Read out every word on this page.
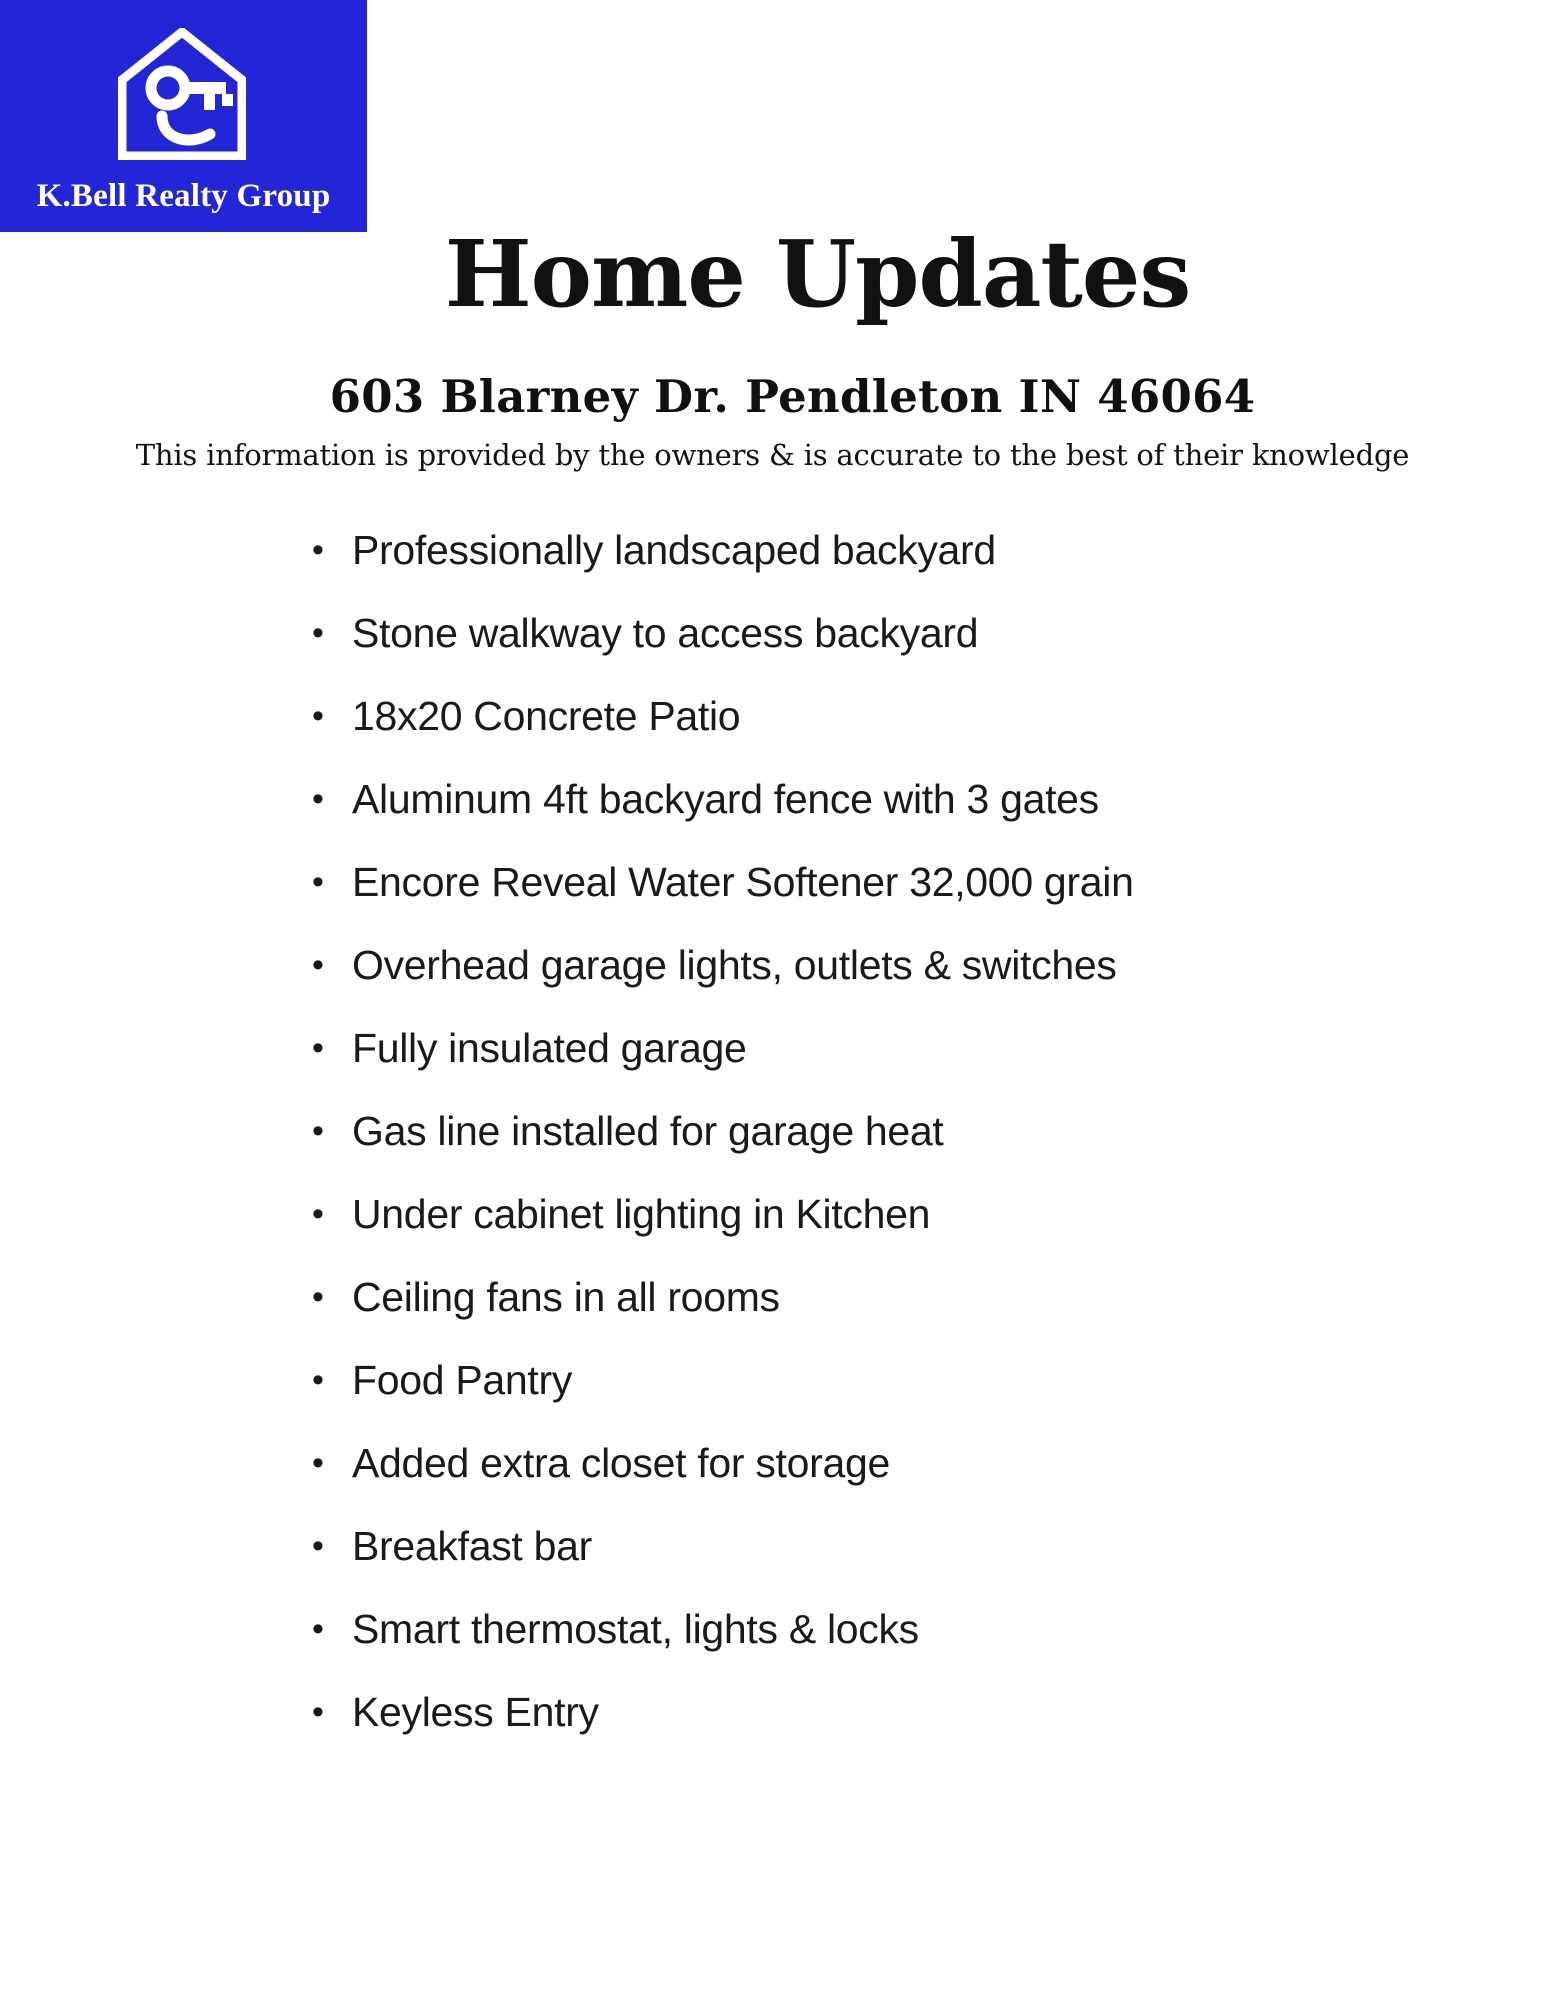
K.Bell Realty Group
Home Updates
603 Blarney Dr. Pendleton IN 46064
This information is provided by the owners & is accurate to the best of their knowledge
• Professionally landscaped backyard
• Stone walkway to access backyard
• 18x20 Concrete Patio
• Aluminum 4ft backyard fence with 3 gates
• Encore Reveal Water Softener 32,000 grain
• Overhead garage lights, outlets & switches
• Fully insulated garage
• Gas line installed for garage heat
• Under cabinet lighting in Kitchen
• Ceiling fans in all rooms
• Food Pantry
• Added extra closet for storage
• Breakfast bar
• Smart thermostat, lights & locks
• Keyless Entry
